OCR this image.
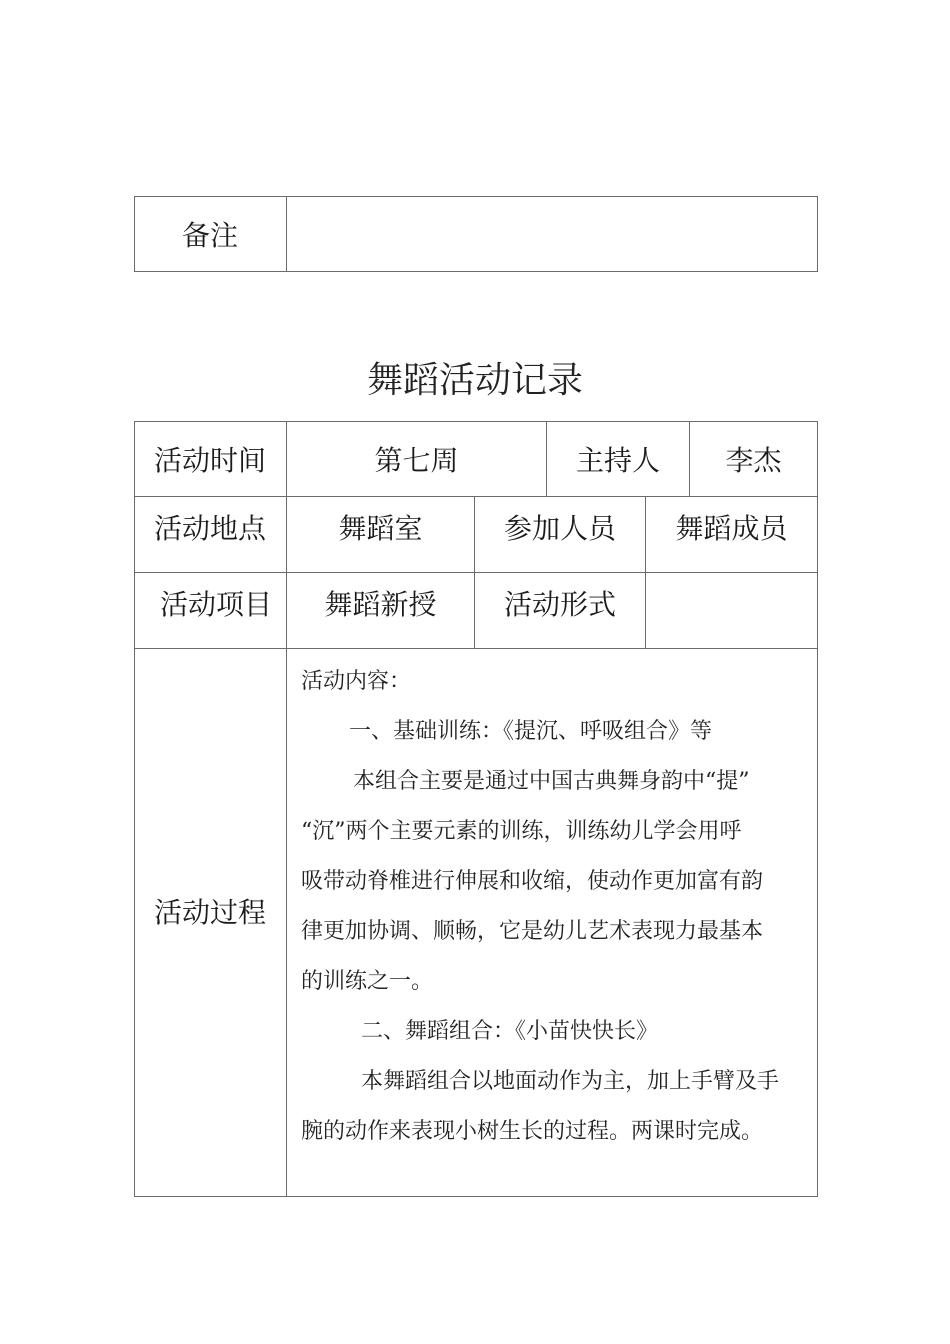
备注
舞蹈活动记录
活动时间	第七周	主持人	李杰
活动地点	舞蹈室	参加人员	舞蹈成员
活动项目	舞蹈新授	活动形式
活动过程

活动内容：

一、基础训练：《提沉、呼吸组合》等

本组合主要是通过中国古典舞身韵中“提”

“沉”两个主要元素的训练，训练幼儿学会用呼

吸带动脊椎进行伸展和收缩，使动作更加富有韵

律更加协调、顺畅，它是幼儿艺术表现力最基本

的训练之一。

二、舞蹈组合：《小苗快快长》

本舞蹈组合以地面动作为主，加上手臂及手

腕的动作来表现小树生长的过程。两课时完成。
